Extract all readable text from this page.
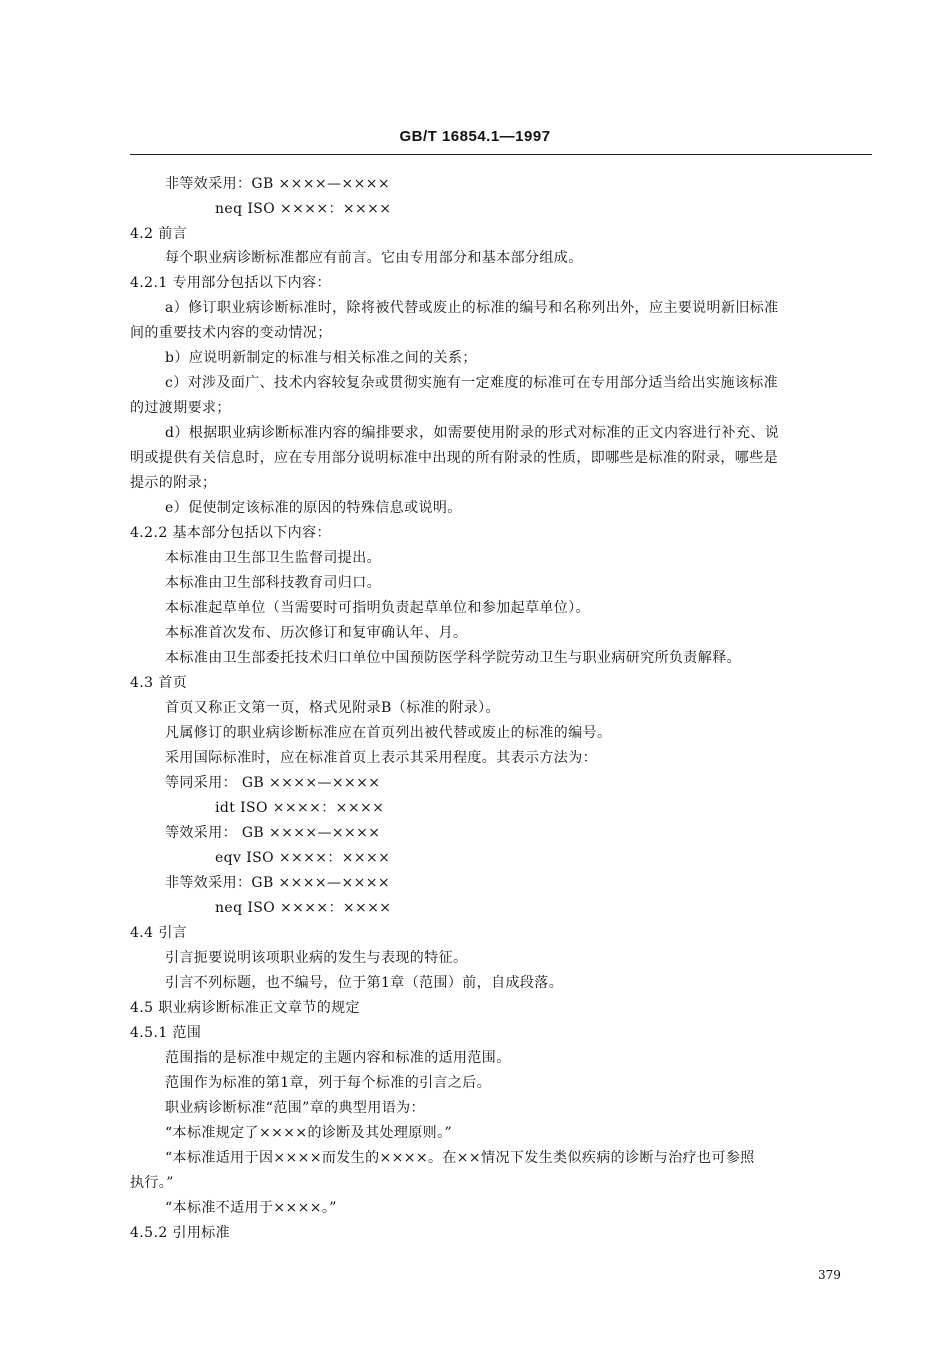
GB/T 16854.1—1997
非等效采用：GB ××××—××××
neq ISO ××××：××××
4.2 前言
每个职业病诊断标准都应有前言。它由专用部分和基本部分组成。
4.2.1 专用部分包括以下内容：
a）修订职业病诊断标准时，除将被代替或废止的标准的编号和名称列出外，应主要说明新旧标准
间的重要技术内容的变动情况；
b）应说明新制定的标准与相关标准之间的关系；
c）对涉及面广、技术内容较复杂或贯彻实施有一定难度的标准可在专用部分适当给出实施该标准
的过渡期要求；
d）根据职业病诊断标准内容的编排要求，如需要使用附录的形式对标准的正文内容进行补充、说
明或提供有关信息时，应在专用部分说明标准中出现的所有附录的性质，即哪些是标准的附录，哪些是
提示的附录；
e）促使制定该标准的原因的特殊信息或说明。
4.2.2 基本部分包括以下内容：
本标准由卫生部卫生监督司提出。
本标准由卫生部科技教育司归口。
本标准起草单位（当需要时可指明负责起草单位和参加起草单位）。
本标准首次发布、历次修订和复审确认年、月。
本标准由卫生部委托技术归口单位中国预防医学科学院劳动卫生与职业病研究所负责解释。
4.3 首页
首页又称正文第一页，格式见附录B（标准的附录）。
凡属修订的职业病诊断标准应在首页列出被代替或废止的标准的编号。
采用国际标准时，应在标准首页上表示其采用程度。其表示方法为：
等同采用： GB ××××—××××
idt ISO ××××：××××
等效采用： GB ××××—××××
eqv ISO ××××：××××
非等效采用：GB ××××—××××
neq ISO ××××：××××
4.4 引言
引言扼要说明该项职业病的发生与表现的特征。
引言不列标题，也不编号，位于第1章（范围）前，自成段落。
4.5 职业病诊断标准正文章节的规定
4.5.1 范围
范围指的是标准中规定的主题内容和标准的适用范围。
范围作为标准的第1章，列于每个标准的引言之后。
职业病诊断标准“范围”章的典型用语为：
“本标准规定了××××的诊断及其处理原则。”
“本标准适用于因××××而发生的××××。在××情况下发生类似疾病的诊断与治疗也可参照
执行。”
“本标准不适用于××××。”
4.5.2 引用标准
379
